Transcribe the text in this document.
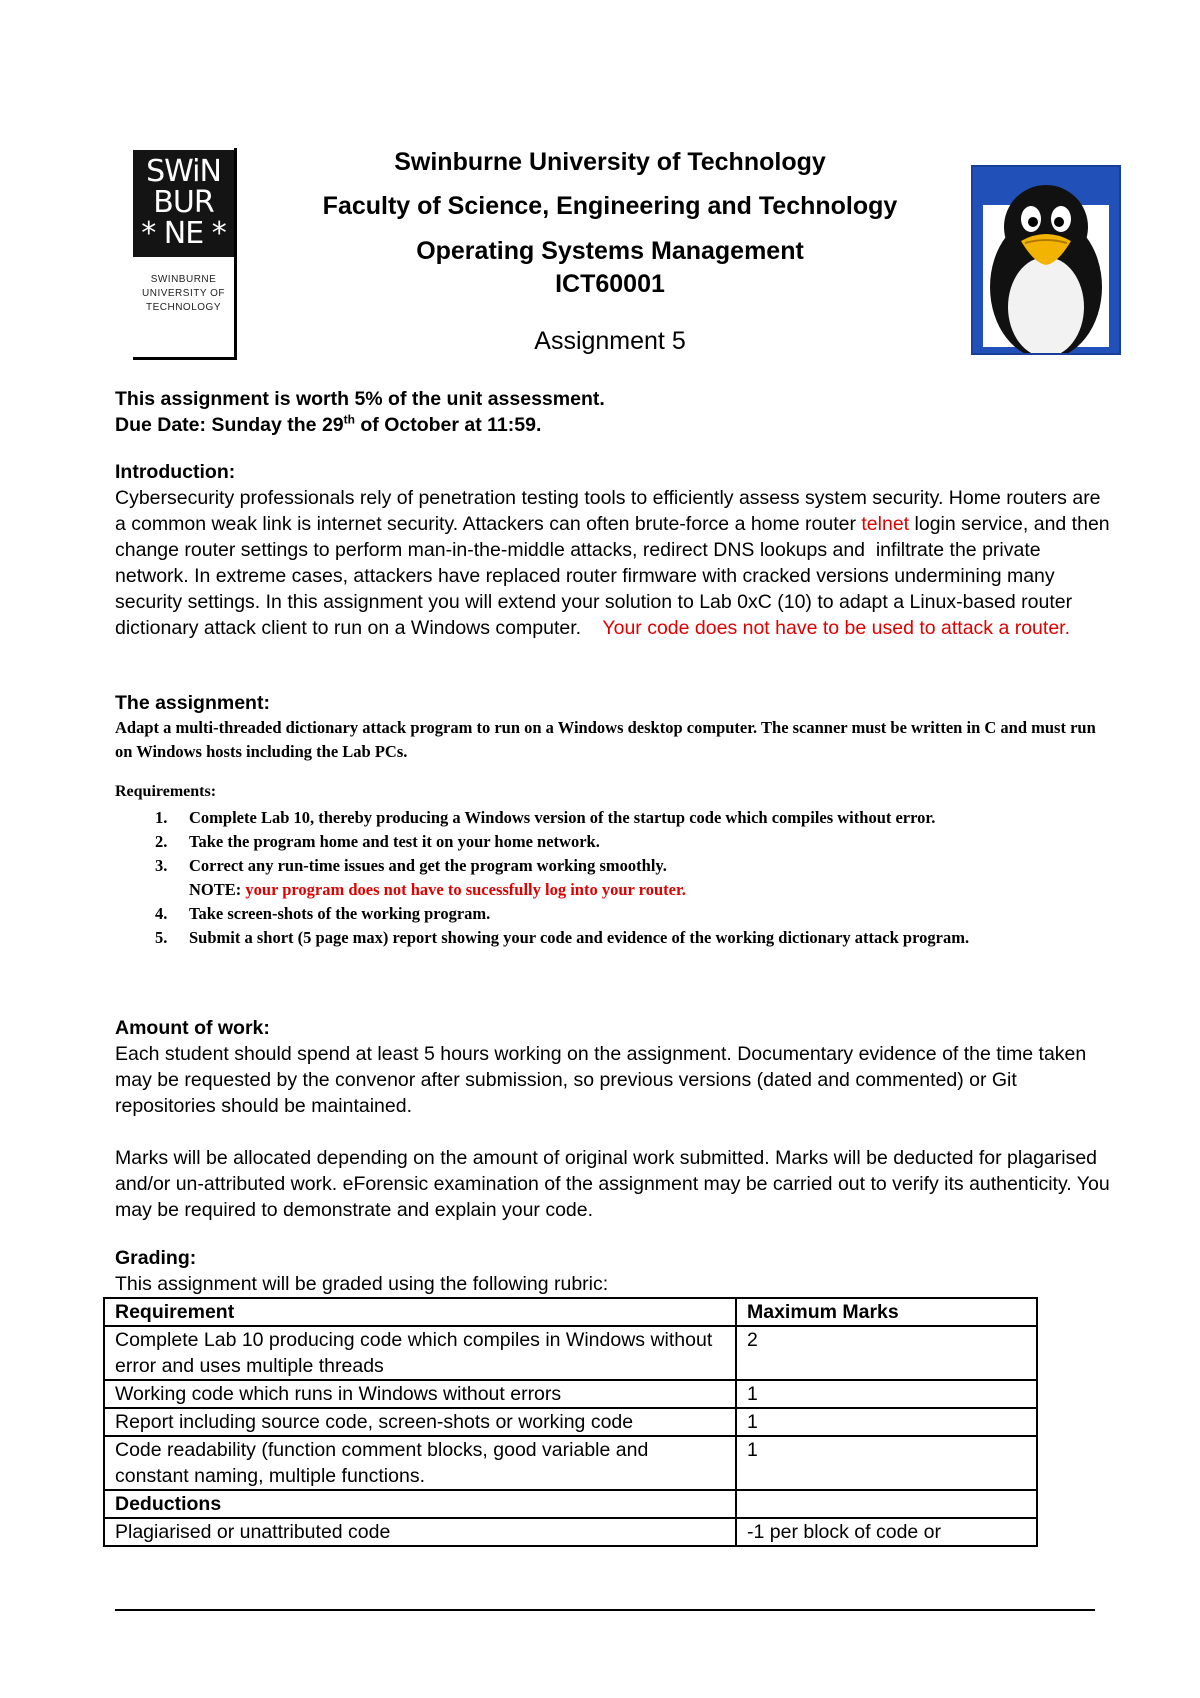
SWiN
BUR
* NE *
SWINBURNE
UNIVERSITY OF
TECHNOLOGY
Swinburne University of Technology
Faculty of Science, Engineering and Technology
Operating Systems Management
ICT60001
Assignment 5
This assignment is worth 5% of the unit assessment.
Due Date: Sunday the 29th of October at 11:59.
Introduction:
Cybersecurity professionals rely of penetration testing tools to efficiently assess system security. Home routers are a common weak link is internet security. Attackers can often brute-force a home router telnet login service, and then change router settings to perform man-in-the-middle attacks, redirect DNS lookups and  infiltrate the private network. In extreme cases, attackers have replaced router firmware with cracked versions undermining many security settings. In this assignment you will extend your solution to Lab 0xC (10) to adapt a Linux-based router dictionary attack client to run on a Windows computer.    Your code does not have to be used to attack a router.
The assignment:
Adapt a multi-threaded dictionary attack program to run on a Windows desktop computer. The scanner must be written in C and must run on Windows hosts including the Lab PCs.
Requirements:
1. Complete Lab 10, thereby producing a Windows version of the startup code which compiles without error.
2. Take the program home and test it on your home network.
3. Correct any run-time issues and get the program working smoothly.
NOTE: your program does not have to sucessfully log into your router.
4. Take screen-shots of the working program.
5. Submit a short (5 page max) report showing your code and evidence of the working dictionary attack program.
Amount of work:
Each student should spend at least 5 hours working on the assignment. Documentary evidence of the time taken may be requested by the convenor after submission, so previous versions (dated and commented) or Git repositories should be maintained.
Marks will be allocated depending on the amount of original work submitted. Marks will be deducted for plagarised and/or un-attributed work. eForensic examination of the assignment may be carried out to verify its authenticity. You may be required to demonstrate and explain your code.
Grading:
This assignment will be graded using the following rubric:
Requirement	Maximum Marks
Complete Lab 10 producing code which compiles in Windows without error and uses multiple threads	2
Working code which runs in Windows without errors	1
Report including source code, screen-shots or working code	1
Code readability (function comment blocks, good variable and constant naming, multiple functions.	1
Deductions	
Plagiarised or unattributed code	-1 per block of code or
